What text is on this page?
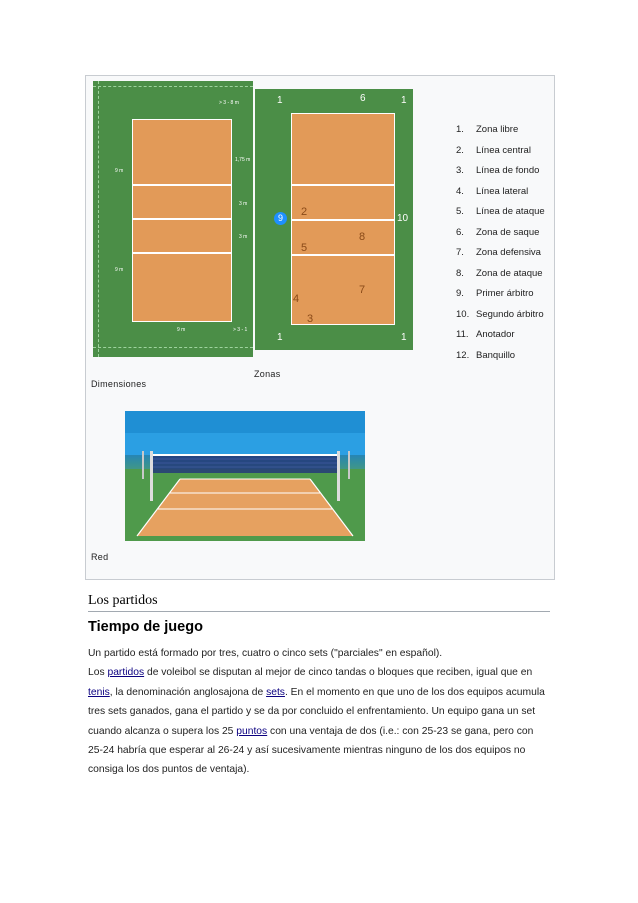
> 3 - 8 m
9 m
1,75 m
3 m
3 m
9 m
9 m	> 3 - 1
Dimensiones
1	6	1
2
8
10
5
7
4
3
1	1
9
Zonas
Red
1. Zona libre
2. Línea central
3. Línea de fondo
4. Línea lateral
5. Línea de ataque
6. Zona de saque
7. Zona defensiva
8. Zona de ataque
9. Primer árbitro
10. Segundo árbitro
11. Anotador
12. Banquillo
Los partidos
Tiempo de juego
Un partido está formado por tres, cuatro o cinco sets ("parciales" en español).
Los partidos de voleibol se disputan al mejor de cinco tandas o bloques que reciben, igual que en tenis, la denominación anglosajona de sets. En el momento en que uno de los dos equipos acumula tres sets ganados, gana el partido y se da por concluido el enfrentamiento. Un equipo gana un set cuando alcanza o supera los 25 puntos con una ventaja de dos (i.e.: con 25-23 se gana, pero con 25-24 habría que esperar al 26-24 y así sucesivamente mientras ninguno de los dos equipos no consiga los dos puntos de ventaja).
